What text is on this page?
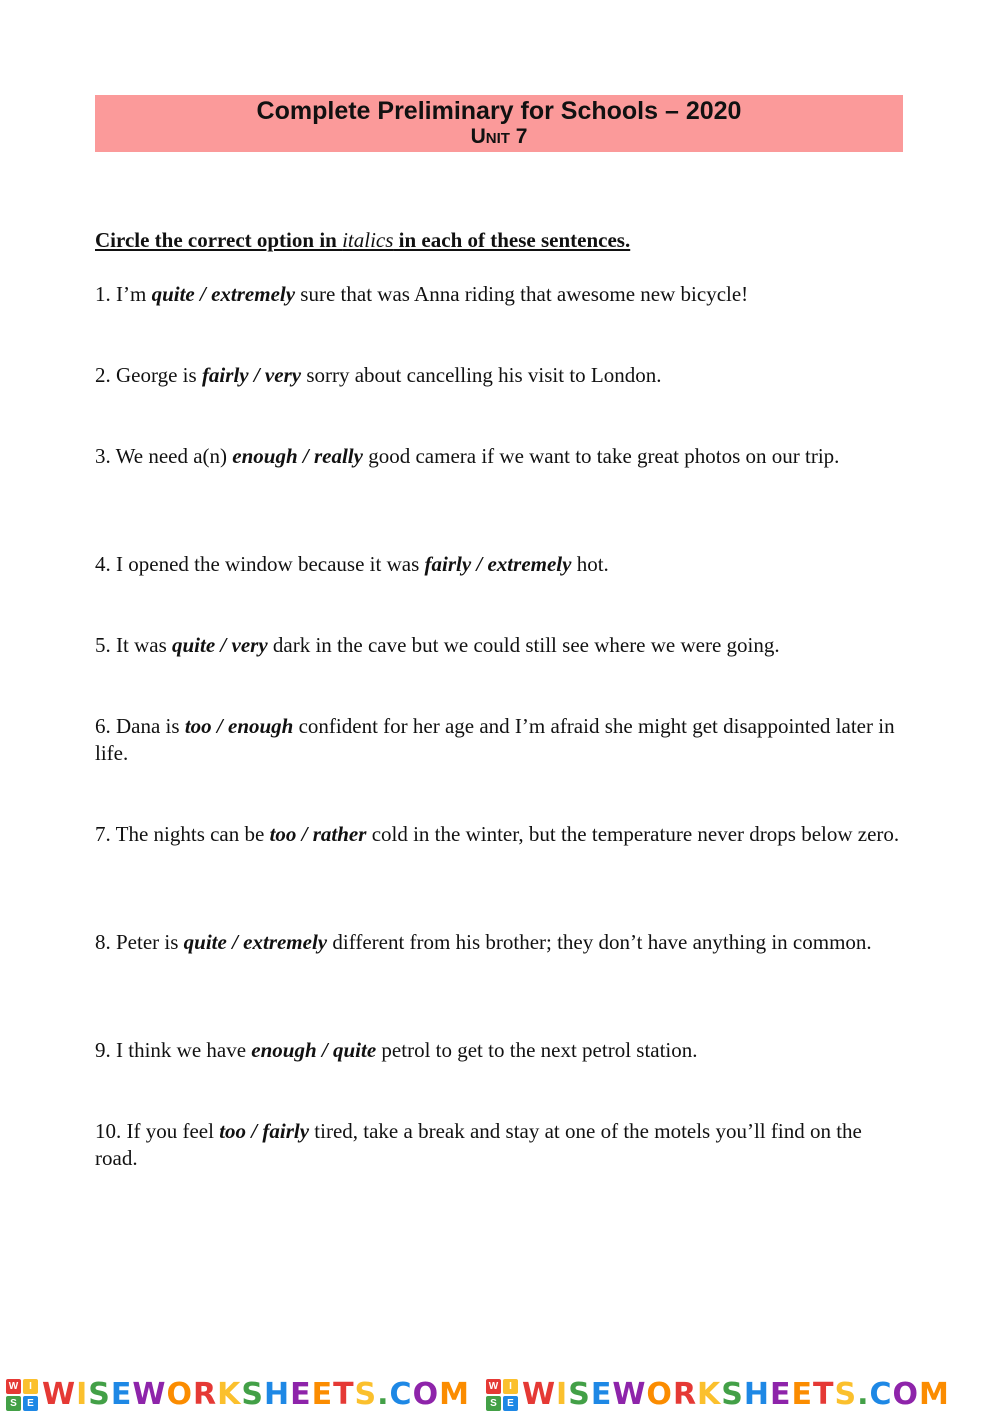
Complete Preliminary for Schools – 2020
Unit 7
Circle the correct option in italics in each of these sentences.
1. I’m quite / extremely sure that was Anna riding that awesome new bicycle!
2. George is fairly / very sorry about cancelling his visit to London.
3. We need a(n) enough / really good camera if we want to take great photos on our trip.
4. I opened the window because it was fairly / extremely hot.
5. It was quite / very dark in the cave but we could still see where we were going.
6. Dana is too / enough confident for her age and I’m afraid she might get disappointed later in life.
7. The nights can be too / rather cold in the winter, but the temperature never drops below zero.
8. Peter is quite / extremely different from his brother; they don’t have anything in common.
9. I think we have enough / quite petrol to get to the next petrol station.
10. If you feel too / fairly tired, take a break and stay at one of the motels you’ll find on the road.
W	I
S	E WISEWORKSHEETS.COM W	I
S	E WISEWORKSHEETS.COM
